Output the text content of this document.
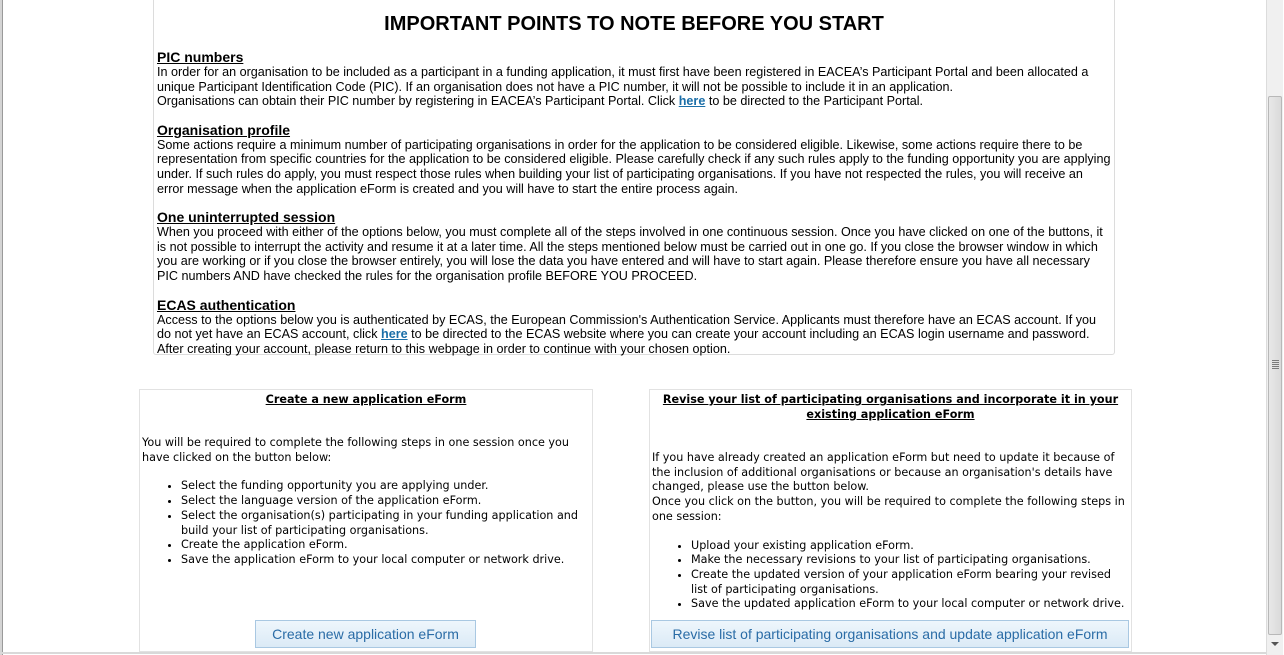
IMPORTANT POINTS TO NOTE BEFORE YOU START
PIC numbers

In order for an organisation to be included as a participant in a funding application, it must first have been registered in EACEA’s Participant Portal and been allocated a unique Participant Identification Code (PIC). If an organisation does not have a PIC number, it will not be possible to include it in an application.
Organisations can obtain their PIC number by registering in EACEA’s Participant Portal. Click here to be directed to the Participant Portal.

Organisation profile

Some actions require a minimum number of participating organisations in order for the application to be considered eligible. Likewise, some actions require there to be representation from specific countries for the application to be considered eligible. Please carefully check if any such rules apply to the funding opportunity you are applying under. If such rules do apply, you must respect those rules when building your list of participating organisations. If you have not respected the rules, you will receive an error message when the application eForm is created and you will have to start the entire process again.

One uninterrupted session

When you proceed with either of the options below, you must complete all of the steps involved in one continuous session. Once you have clicked on one of the buttons, it is not possible to interrupt the activity and resume it at a later time. All the steps mentioned below must be carried out in one go. If you close the browser window in which you are working or if you close the browser entirely, you will lose the data you have entered and will have to start again. Please therefore ensure you have all necessary PIC numbers AND have checked the rules for the organisation profile BEFORE YOU PROCEED.

ECAS authentication

Access to the options below you is authenticated by ECAS, the European Commission's Authentication Service. Applicants must therefore have an ECAS account. If you do not yet have an ECAS account, click here to be directed to the ECAS website where you can create your account including an ECAS login username and password. After creating your account, please return to this webpage in order to continue with your chosen option.

Create a new application eForm

You will be required to complete the following steps in one session once you have clicked on the button below:

• Select the funding opportunity you are applying under.
• Select the language version of the application eForm.
• Select the organisation(s) participating in your funding application and build your list of participating organisations.
• Create the application eForm.
• Save the application eForm to your local computer or network drive.
Revise your list of participating organisations and incorporate it in your existing application eForm

If you have already created an application eForm but need to update it because of the inclusion of additional organisations or because an organisation's details have changed, please use the button below.

Once you click on the button, you will be required to complete the following steps in one session:

• Upload your existing application eForm.
• Make the necessary revisions to your list of participating organisations.
• Create the updated version of your application eForm bearing your revised list of participating organisations.
• Save the updated application eForm to your local computer or network drive.
Create new application eForm	Revise list of participating organisations and update application eForm
